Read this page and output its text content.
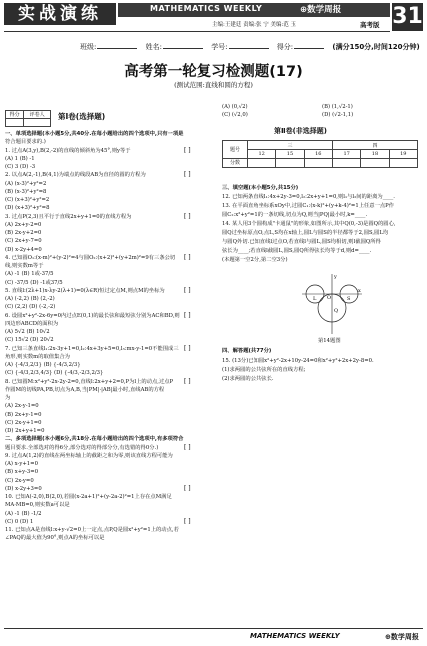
实战演练	MATHEMATICS WEEKLY	⊕数学周报 31
主编:王建廷 责编:张 宁 美编:范 玉	高考版
班级:	姓名:	学号:	得分:	(满分150分,时间120分钟)
高考第一轮复习检测题(17)
(测试范围:直线和圆的方程)
得分	评卷人
	第Ⅰ卷(选择题)
一、单项选择题(本小题5分,共40分.在每小题给出的四个选项中,只有一项是
符合题目要求的.)
1. 过点A(3,y),B(2,-2)的直线的倾斜角为45°,则y等于	[ ]
(A) 1 (B) -1
(C) 3 (D) -3
2. 以点A(2,-1),B(4,1)为端点的线段AB为直径的圆的方程为	[ ]
(A) (x-3)²+y²=2
(B) (x-3)²+y²=8
(C) (x+3)²+y²=2
(D) (x+3)²+y²=8
3. 过点P(2,3)且平行于直线2x+y+1=0的直线方程为	[ ]
(A) 2x+y-2=0
(B) 2x-y+2=0
(C) 2x+y-7=0
(D) x-2y+4=0
4. 已知圆O₁:(x-m)²+(y-2)²=4与圆O₂:(x+2)²+(y+2m)²=9有三条公切 [ ]
线,则实数m等于
(A) -1 (B) 1或-37/5
(C) -37/5 (D) -1或37/5
5. 直线l:(2λ+1)x-λy-2(λ+1)=0(λ∈R)恒过定点M,则点M的坐标为	[ ]
(A) (-2,2) (B) (2,-2)
(C) (2,2) (D) (-2,-2)
6. 设圆x²+y²-2x-6y=0内过点E(0,1)的最长弦和最短弦分别为AC和BD,则 [ ]
四边形ABCD的面积为
(A) 5√2 (B) 10√2
(C) 15√2 (D) 20√2
7. 已知三条直线l₁:2x-3y+1=0,l₂:4x+3y+5=0,l₃:mx-y-1=0不能围成三 [ ]
角形,则实数m的取值集合为
(A) {-4/3,2/3} (B) {-4/3,2/3}
(C) {-4/3,2/3,4/3} (D) {-4/3,-2/3,2/3}
8. 已知圆M:x²+y²-2x-2y-2=0,直线l:2x+y+2=0,P为l上的动点,过点P [ ]
作圆M的切线PA,PB,切点为A,B,当|PM|·|AB|最小时,直线AB的方程
为
(A) 2x-y-1=0
(B) 2x+y-1=0
(C) 2x-y+1=0
(D) 2x+y+1=0
二、多项选择题(本小题6分,共18分.在每小题给出的四个选项中,有多项符合
题目要求.全部选对的得6分,部分选对的得部分分,有选错的得0分.)	[ ]
9. 过点A(1,2)的直线在两坐标轴上的截距之和为零,则该直线方程可能为
(A) x-y+1=0
(B) x+y-3=0
(C) 2x-y=0
(D) x-2y+3=0	[ ]
10. 已知A(-2,0),B(2,0),若圆(x-2a+1)²+(y-2a-2)²=1上存在点M满足
MA·MB=0,则实数a可以是
(A) -1 (B) -1/2
(C) 0 (D) 1	[ ]
11. 已知点A是直线l:x+y-√2=0上一定点,点P,Q是圆x²+y²=1上的动点,若
∠PAQ的最大值为90°,则点A的坐标可以是
(A) (0,√2)	(B) (1,√2-1)
(C) (√2,0)	(D) (√2-1,1)
第Ⅱ卷(非选择题)
题号	三			四		
	12	15	16	17	18	19
分数						
三、填空题(本小题5分,共15分)
12. 已知两条直线l₁:4x+2y-3=0,l₂:2x+y+1=0,则l₁与l₂间的距离为____.
13. 在平面直角坐标系xOy中,过圆C₁:(x-k)²+(y+k-4)²=1上任意一点P作
圆C₂:x²+y²=1的一条切线,切点为Q,则当|PQ|最小时,k=____.
14. 某人用3个圆构成"卡通鼠"的形象,如图所示,其中Q(0,-3)是圆Q的圆心,
圆Q过坐标原点O,点L,S均在x轴上,圆L与圆S的半径都等于2,圆S,圆L均
与圆Q外切.已知直线l过点O,若直线l与圆L,圆S均相切,则l截圆Q所得
弦长为____;若直线l截圆L,圆S,圆Q所得弦长均等于d,则d=____.
(本题第一空2分,第二空3分)
四、解答题(共77分)
15. (13分)已知圆x²+y²-2x+10y-24=0和x²+y²+2x+2y-8=0.
(1)求两圆的公共弦所在的直线方程;
(2)求两圆的公共弦长.
y
x
O
Q
L	S
第14题图
MATHEMATICS WEEKLY	⊕数学周报
